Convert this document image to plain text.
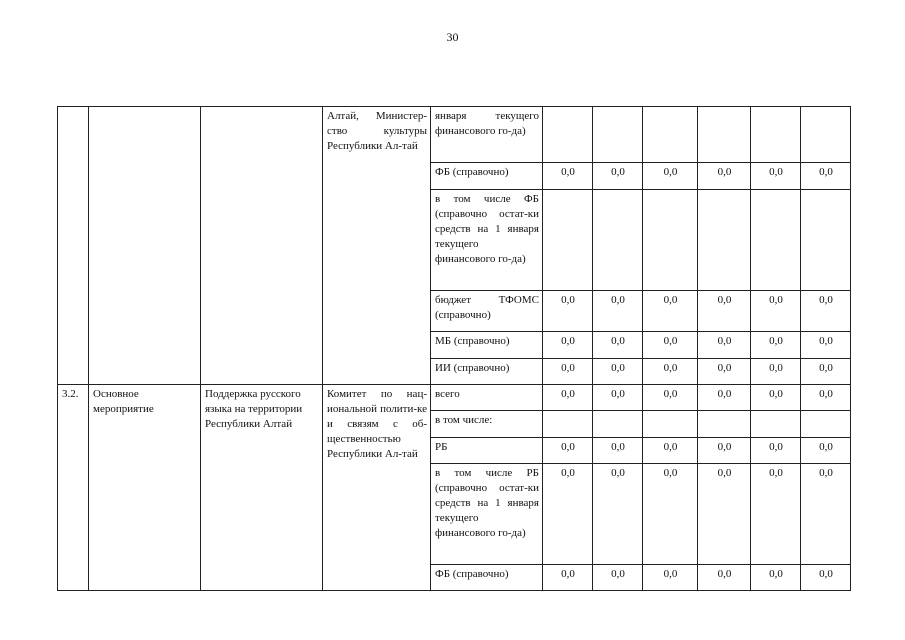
30
			Алтай, Министер-ство культуры Республики Ал-тай	января текущего финансового го-да)						
				ФБ (справочно)	0,0	0,0	0,0	0,0	0,0	0,0
				в том числе ФБ (справочно остат-ки средств на 1 января текущего финансового го-да)						
				бюджет ТФОМС (справочно)	0,0	0,0	0,0	0,0	0,0	0,0
				МБ (справочно)	0,0	0,0	0,0	0,0	0,0	0,0
				ИИ (справочно)	0,0	0,0	0,0	0,0	0,0	0,0
3.2.	Основное мероприятие	Поддержка русского языка на территории Республики Алтай	Комитет по нац-иональной полити-ке и связям с об-щественностью Республики Ал-тай	всего	0,0	0,0	0,0	0,0	0,0	0,0
				в том числе:						
				РБ	0,0	0,0	0,0	0,0	0,0	0,0
				в том числе РБ (справочно остат-ки средств на 1 января текущего финансового го-да)	0,0	0,0	0,0	0,0	0,0	0,0
				ФБ (справочно)	0,0	0,0	0,0	0,0	0,0	0,0
